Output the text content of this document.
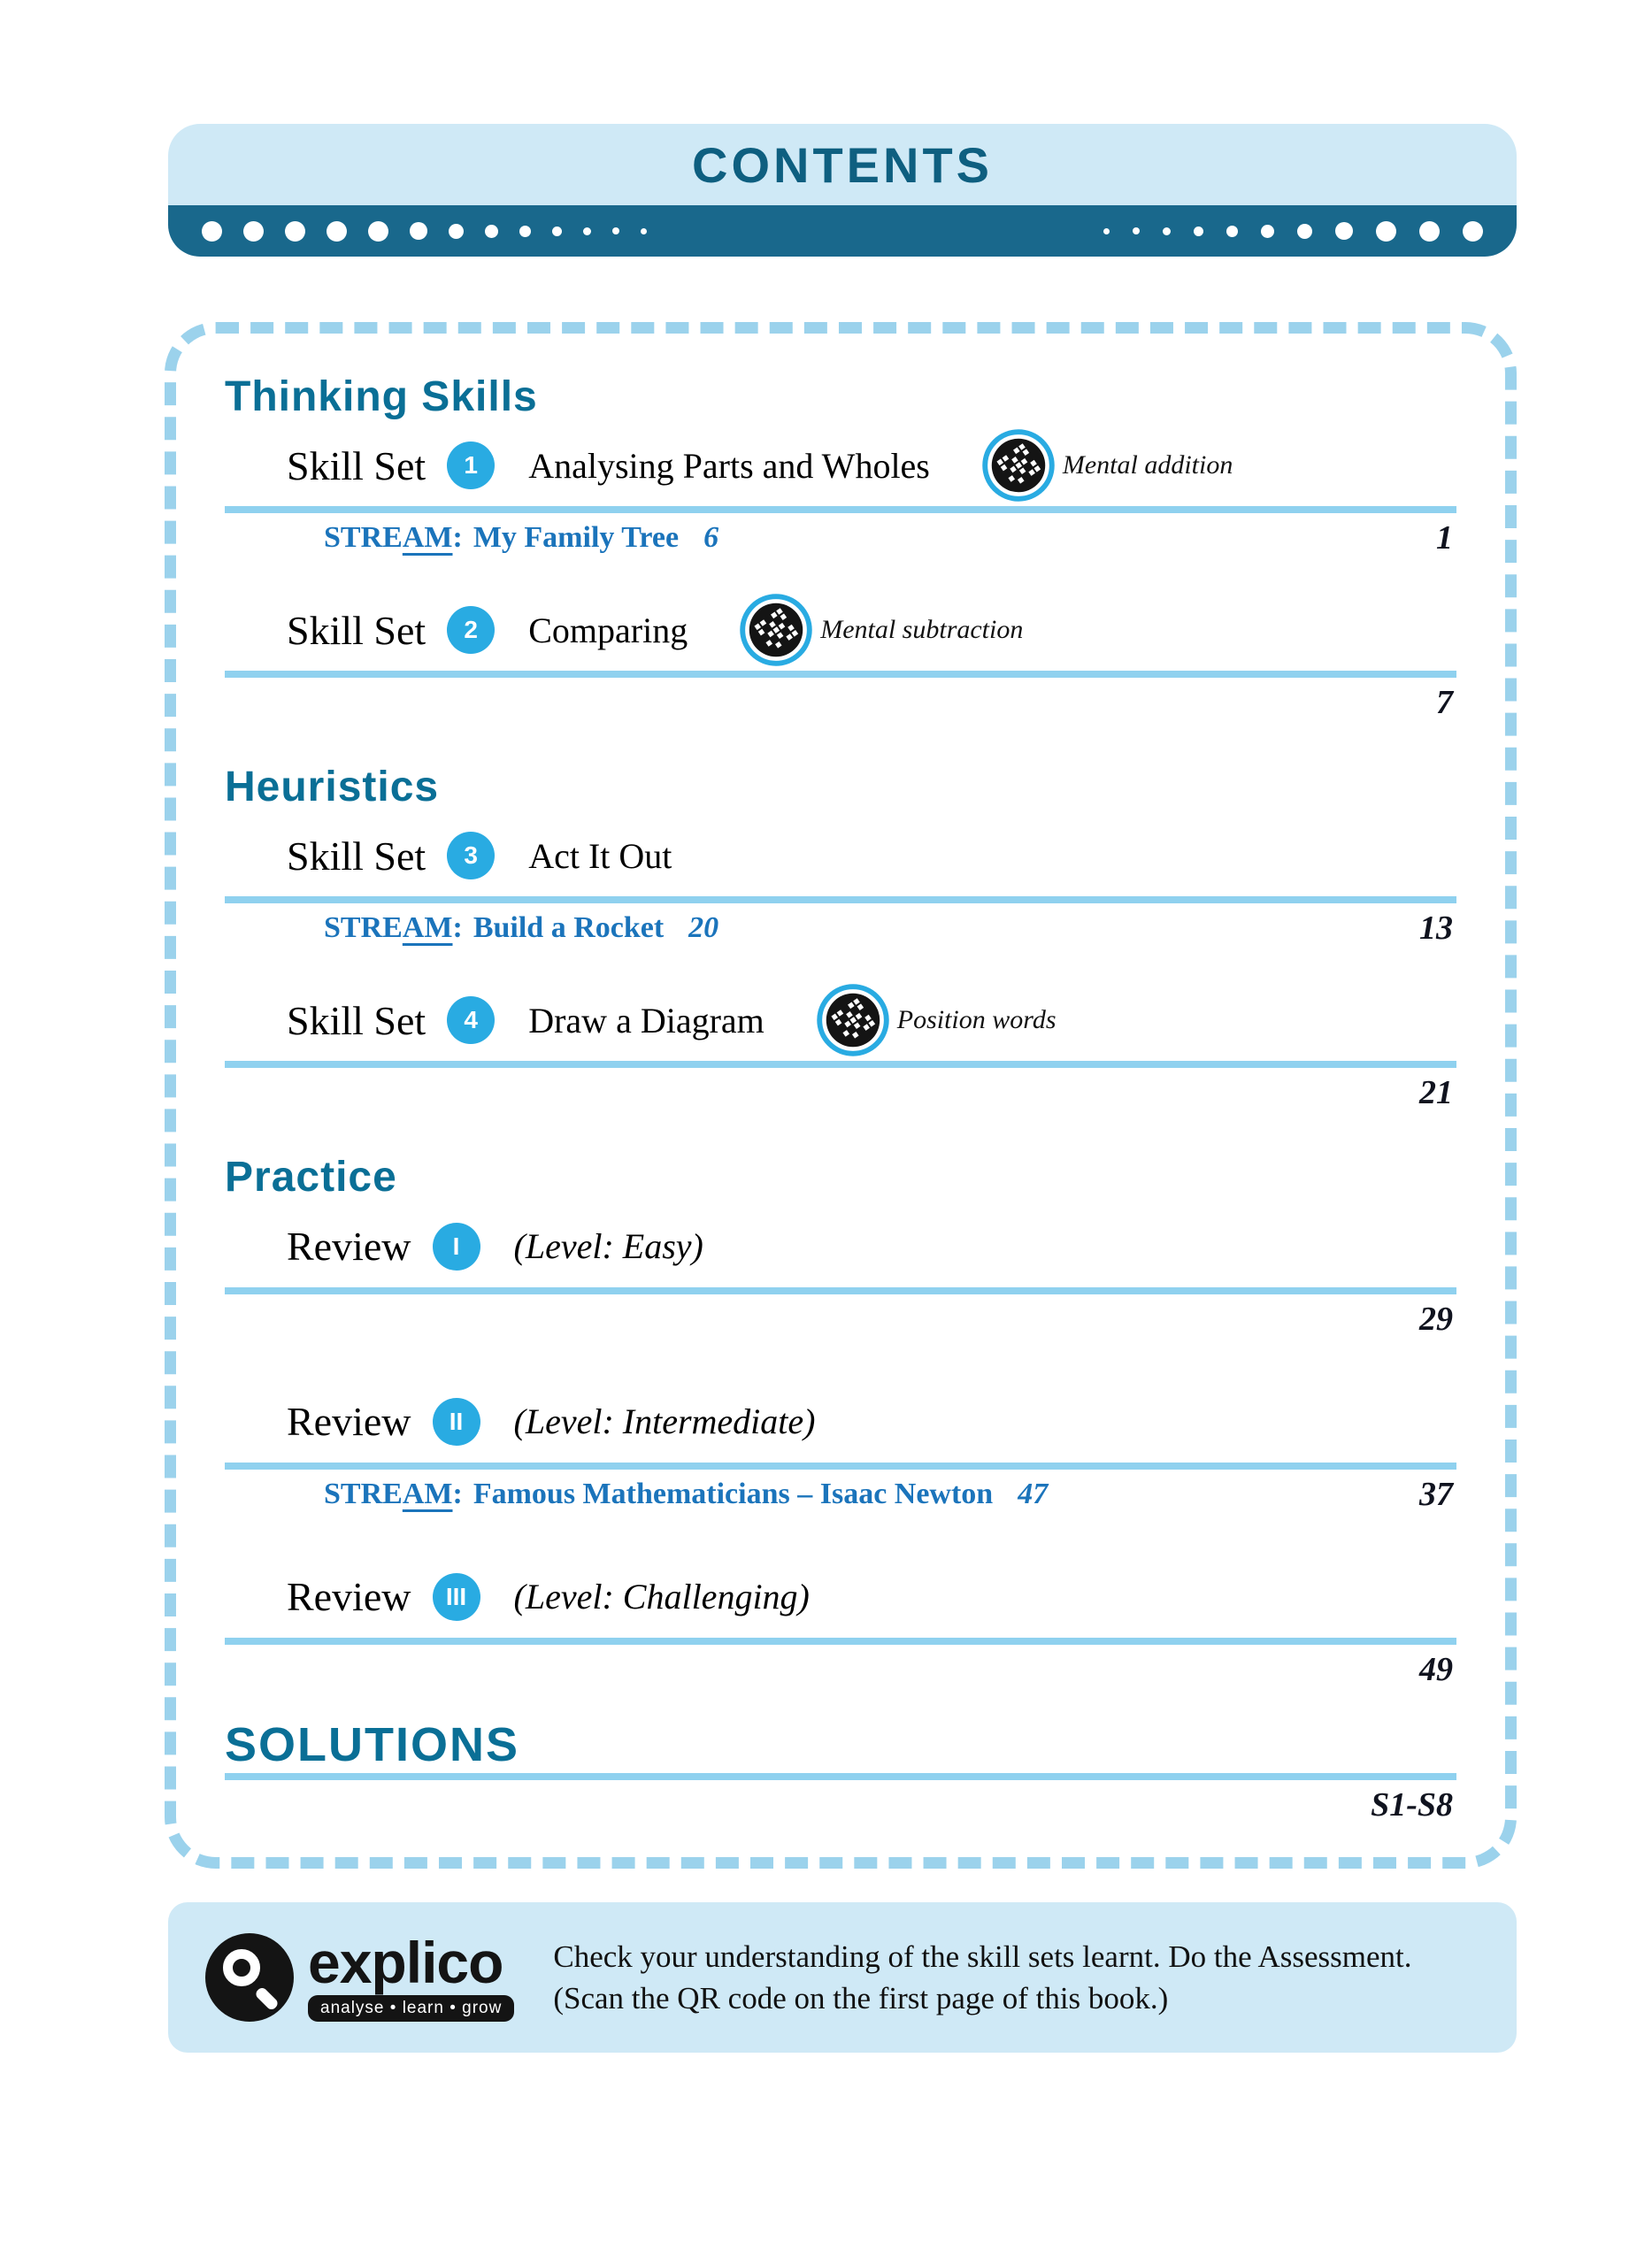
CONTENTS
Thinking Skills
Skill Set	1	Analysing Parts and Wholes	Mental addition
STREAM: My Family Tree 6	1
Skill Set	2	Comparing	Mental subtraction
7
Heuristics
Skill Set	3	Act It Out
STREAM: Build a Rocket 20	13
Skill Set	4	Draw a Diagram	Position words
21
Practice
Review	I	(Level: Easy)
29
Review	II	(Level: Intermediate)
STREAM: Famous Mathematicians – Isaac Newton 47	37
Review	III	(Level: Challenging)
49
SOLUTIONS
S1-S8
explico
analyse • learn • grow
Check your understanding of the skill sets learnt. Do the Assessment.
(Scan the QR code on the first page of this book.)
